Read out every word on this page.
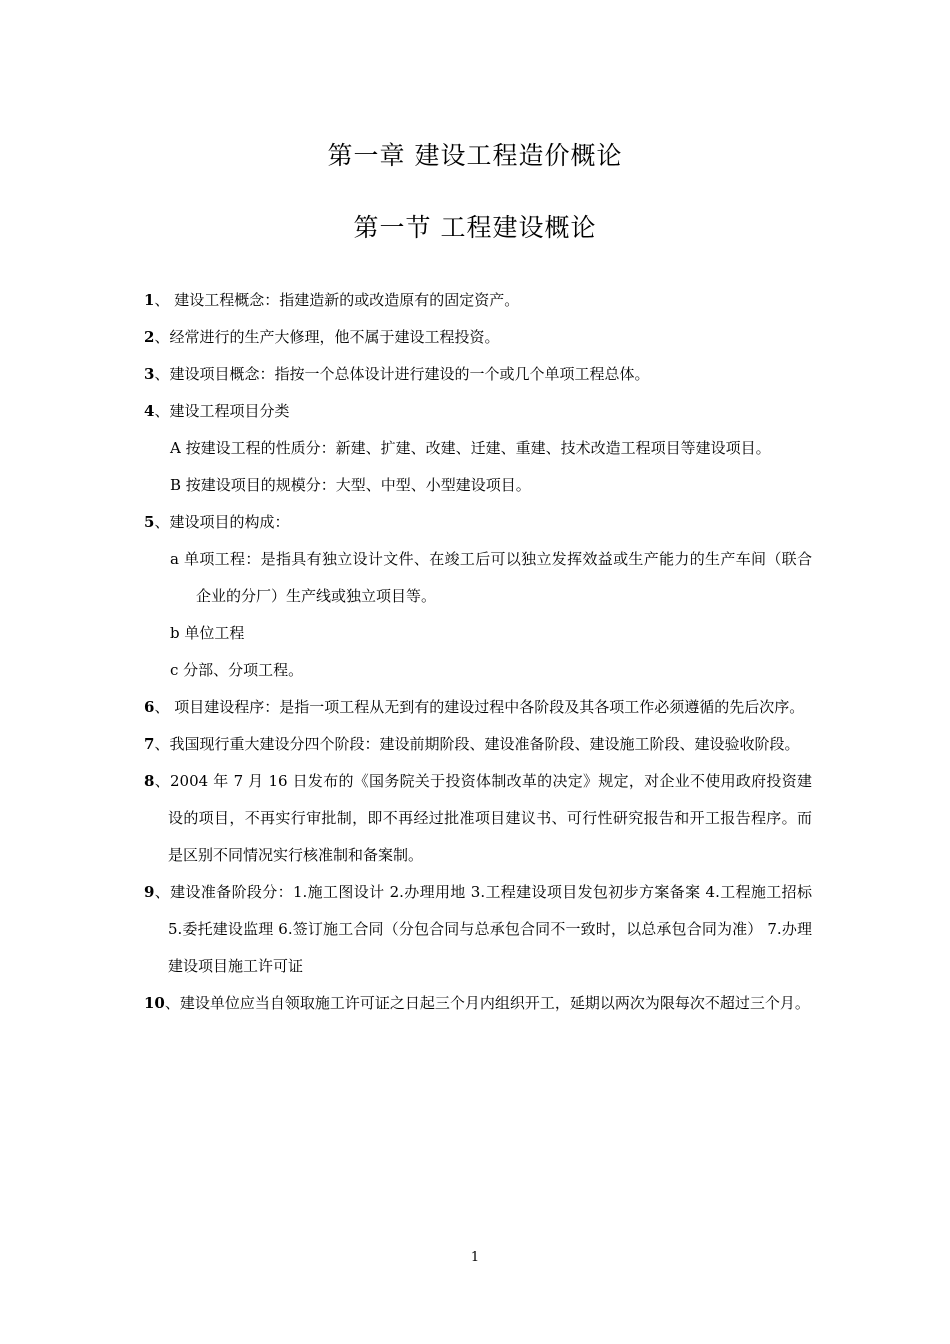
第一章 建设工程造价概论
第一节 工程建设概论

1、 建设工程概念：指建造新的或改造原有的固定资产。

2、经常进行的生产大修理，他不属于建设工程投资。

3、建设项目概念：指按一个总体设计进行建设的一个或几个单项工程总体。

4、建设工程项目分类

A 按建设工程的性质分：新建、扩建、改建、迁建、重建、技术改造工程项目等建设项目。

B 按建设项目的规模分：大型、中型、小型建设项目。

5、建设项目的构成：

a 单项工程：是指具有独立设计文件、在竣工后可以独立发挥效益或生产能力的生产车间（联合企业的分厂）生产线或独立项目等。

b 单位工程

c 分部、分项工程。

6、 项目建设程序：是指一项工程从无到有的建设过程中各阶段及其各项工作必须遵循的先后次序。

7、我国现行重大建设分四个阶段：建设前期阶段、建设准备阶段、建设施工阶段、建设验收阶段。

8、2004 年 7 月 16 日发布的《国务院关于投资体制改革的决定》规定，对企业不使用政府投资建设的项目，不再实行审批制，即不再经过批准项目建议书、可行性研究报告和开工报告程序。而是区别不同情况实行核准制和备案制。

9、建设准备阶段分：1.施工图设计 2.办理用地 3.工程建设项目发包初步方案备案 4.工程施工招标 5.委托建设监理 6.签订施工合同（分包合同与总承包合同不一致时，以总承包合同为准） 7.办理建设项目施工许可证

10、建设单位应当自领取施工许可证之日起三个月内组织开工，延期以两次为限每次不超过三个月。

1
